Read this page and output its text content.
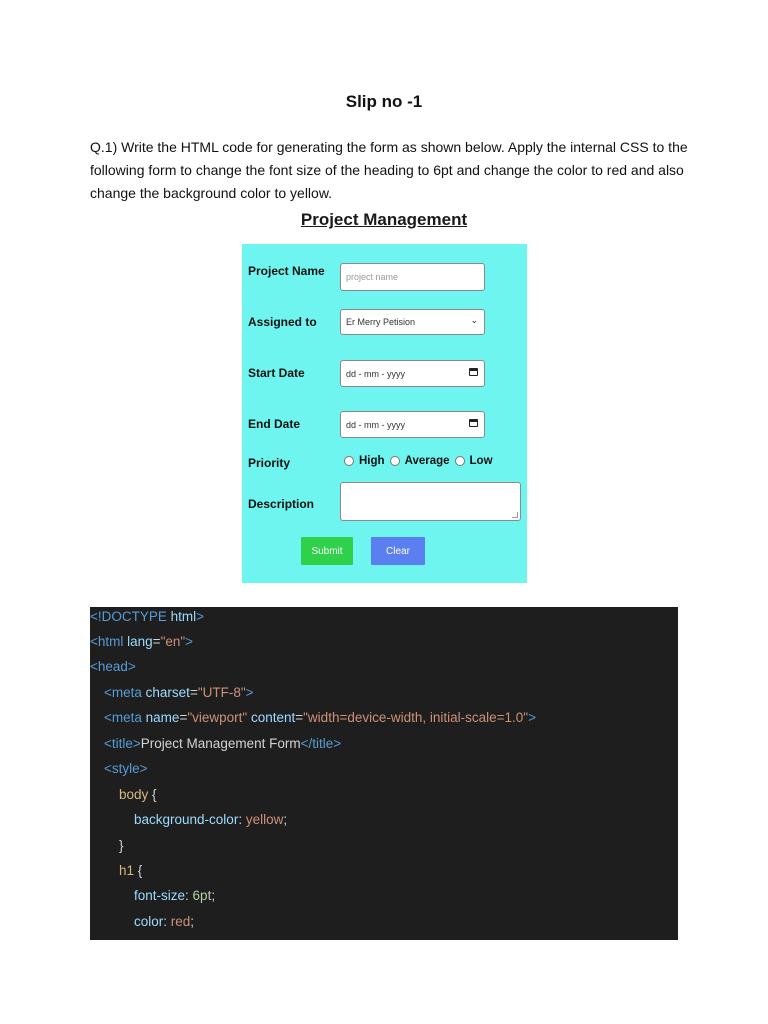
Slip no -1
Q.1) Write the HTML code for generating the form as shown below. Apply the internal CSS to the following form to change the font size of the heading to 6pt and change the color to red and also change the background color to yellow.
Project Management
Project Name	project name
Assigned to	Er Merry Petision	⌄
Start Date	dd - mm - yyyy
End Date	dd - mm - yyyy
Priority	High Average Low
Description
Submit	Clear
<!DOCTYPE html>
<html lang="en">
<head>
<meta charset="UTF-8">
<meta name="viewport" content="width=device-width, initial-scale=1.0">
<title>Project Management Form</title>
<style>
body {
background-color: yellow;
}
h1 {
font-size: 6pt;
color: red;
